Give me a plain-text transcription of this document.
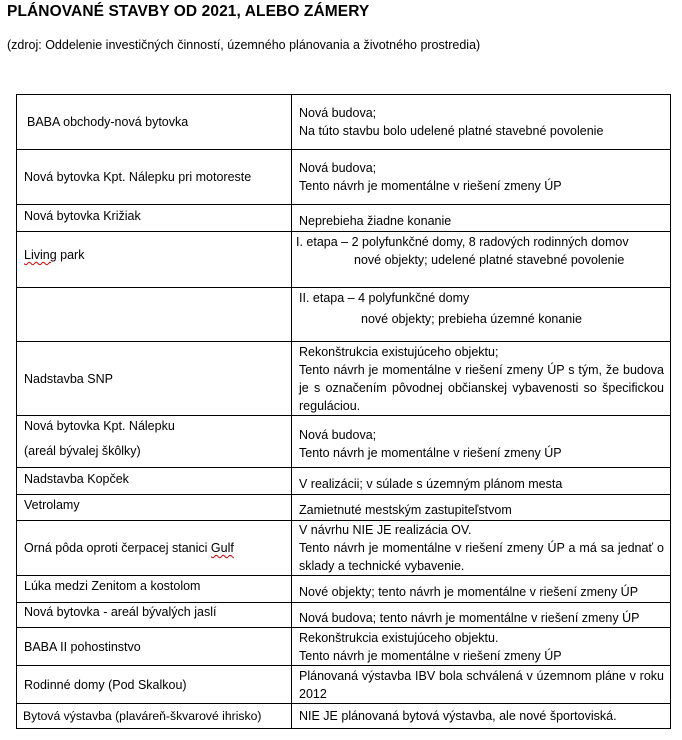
PLÁNOVANÉ STAVBY OD 2021, ALEBO ZÁMERY
(zdroj: Oddelenie investičných činností, územného plánovania a životného prostredia)
BABA obchody-nová bytovka	Nová budova;
Na túto stavbu bolo udelené platné stavebné povolenie

Nová bytovka Kpt. Nálepku pri motoreste	Nová budova;
Tento návrh je momentálne v riešení zmeny ÚP

Nová bytovka Križiak	Neprebieha žiadne konanie

Living park	I. etapa – 2 polyfunkčné domy, 8 radových rodinných domov
nové objekty; udelené platné stavebné povolenie

	II. etapa – 4 polyfunkčné domy
nové objekty; prebieha územné konanie

Nadstavba SNP	Rekonštrukcia existujúceho objektu;
Tento návrh je momentálne v riešení zmeny ÚP s tým, že budova je s označením pôvodnej občianskej vybavenosti so špecifickou reguláciou.

Nová bytovka Kpt. Nálepku
(areál bývalej škôlky)	Nová budova;
Tento návrh je momentálne v riešení zmeny ÚP

Nadstavba Kopček	V realizácii; v súlade s územným plánom mesta

Vetrolamy	Zamietnuté mestským zastupiteľstvom

Orná pôda oproti čerpacej stanici Gulf	V návrhu NIE JE realizácia OV.
Tento návrh je momentálne v riešení zmeny ÚP a má sa jednať o sklady a technické vybavenie.

Lúka medzi Zenitom a kostolom	Nové objekty; tento návrh je momentálne v riešení zmeny ÚP

Nová bytovka - areál bývalých jaslí	Nová budova; tento návrh je momentálne v riešení zmeny ÚP

BABA II pohostinstvo	Rekonštrukcia existujúceho objektu.
Tento návrh je momentálne v riešení zmeny ÚP

Rodinné domy (Pod Skalkou)	Plánovaná výstavba IBV bola schválená v územnom pláne v roku 2012

Bytová výstavba (plaváreň-škvarové ihrisko)	NIE JE plánovaná bytová výstavba, ale nové športoviská.
